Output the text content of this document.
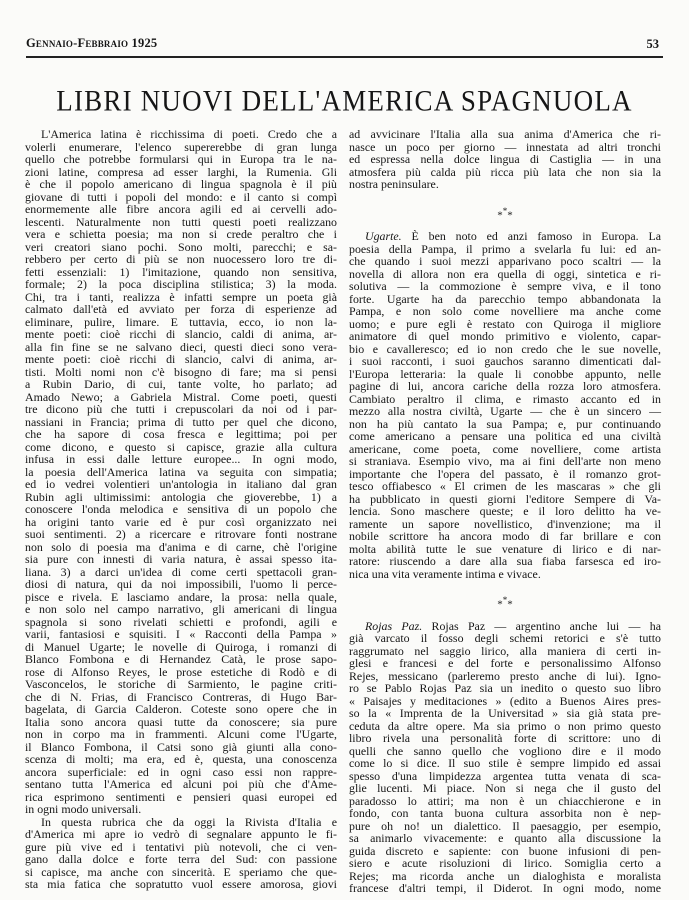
Gennaio-Febbraio 1925	53
LIBRI NUOVI DELL'AMERICA SPAGNUOLA
L'America latina è ricchissima di poeti. Credo che a
volerli enumerare, l'elenco supererebbe di gran lunga
quello che potrebbe formularsi qui in Europa tra le na-
zioni latine, compresa ad esser larghi, la Rumenia. Gli
è che il popolo americano di lingua spagnola è il più
giovane di tutti i popoli del mondo: e il canto si compì
enormemente alle fibre ancora agili ed ai cervelli ado-
lescenti. Naturalmente non tutti questi poeti realizzano
vera e schietta poesia; ma non si crede peraltro che i
veri creatori siano pochi. Sono molti, parecchi; e sa-
rebbero per certo di più se non nuocessero loro tre di-
fetti essenziali: 1) l'imitazione, quando non sensitiva,
formale; 2) la poca disciplina stilistica; 3) la moda.
Chi, tra i tanti, realizza è infatti sempre un poeta già
calmato dall'età ed avviato per forza di esperienze ad
eliminare, pulire, limare. E tuttavia, ecco, io non la-
mente poeti: cioè ricchi di slancio, caldi di anima, ar-
alla fin fine se ne salvano dieci, questi dieci sono vera-
mente poeti: cioè ricchi di slancio, calvi di anima, ar-
tisti. Molti nomi non c'è bisogno di fare; ma si pensi
a Rubin Dario, di cui, tante volte, ho parlato; ad
Amado Newo; a Gabriela Mistral. Come poeti, questi
tre dicono più che tutti i crepuscolari da noi od i par-
nassiani in Francia; prima di tutto per quel che dicono,
che ha sapore di cosa fresca e legittima; poi per
come dicono, e questo si capisce, grazie alla cultura
infusa in essi dalle letture europee... In ogni modo,
la poesia dell'America latina va seguita con simpatia;
ed io vedrei volentieri un'antologia in italiano dal gran
Rubin agli ultimissimi: antologia che gioverebbe, 1) a
conoscere l'onda melodica e sensitiva di un popolo che
ha origini tanto varie ed è pur così organizzato nei
suoi sentimenti. 2) a ricercare e ritrovare fonti nostrane
non solo di poesia ma d'anima e di carne, chè l'origine
sia pure con innesti di varia natura, è assai spesso ita-
liana. 3) a darci un'idea di come certi spettacoli gran-
diosi di natura, qui da noi impossibili, l'uomo li perce-
pisce e rivela. E lasciamo andare, la prosa: nella quale,
e non solo nel campo narrativo, gli americani di lingua
spagnola si sono rivelati schietti e profondi, agili e
varii, fantasiosi e squisiti. I « Racconti della Pampa »
di Manuel Ugarte; le novelle di Quiroga, i romanzi di
Blanco Fombona e di Hernandez Catà, le prose sapo-
rose di Alfonso Reyes, le prose estetiche di Rodò e di
Vasconcelos, le storiche di Sarmiento, le pagine criti-
che di N. Frias, di Francisco Contreras, di Hugo Bar-
bagelata, di Garcia Calderon. Coteste sono opere che in
Italia sono ancora quasi tutte da conoscere; sia pure
non in corpo ma in frammenti. Alcuni come l'Ugarte,
il Blanco Fombona, il Catsi sono già giunti alla cono-
scenza di molti; ma era, ed è, questa, una conoscenza
ancora superficiale: ed in ogni caso essi non rappre-
sentano tutta l'America ed alcuni poi più che d'Ame-
rica esprimono sentimenti e pensieri quasi europei ed
in ogni modo universali.
In questa rubrica che da oggi la Rivista d'Italia e
d'America mi apre io vedrò di segnalare appunto le fi-
gure più vive ed i tentativi più notevoli, che ci ven-
gano dalla dolce e forte terra del Sud: con passione
si capisce, ma anche con sincerità. E speriamo che que-
sta mia fatica che sopratutto vuol essere amorosa, giovi
ad avvicinare l'Italia alla sua anima d'America che ri-
nasce un poco per giorno — innestata ad altri tronchi
ed espressa nella dolce lingua di Castiglia — in una
atmosfera più calda più ricca più lata che non sia la
nostra peninsulare.
***
Ugarte. È ben noto ed anzi famoso in Europa. La
poesia della Pampa, il primo a svelarla fu lui: ed an-
che quando i suoi mezzi apparivano poco scaltri — la
novella di allora non era quella di oggi, sintetica e ri-
solutiva — la commozione è sempre viva, e il tono
forte. Ugarte ha da parecchio tempo abbandonata la
Pampa, e non solo come novelliere ma anche come
uomo; e pure egli è restato con Quiroga il migliore
animatore di quel mondo primitivo e violento, capar-
bio e cavalleresco; ed io non credo che le sue novelle,
i suoi racconti, i suoi gauchos saranno dimenticati dal-
l'Europa letteraria: la quale li conobbe appunto, nelle
pagine di lui, ancora cariche della rozza loro atmosfera.
Cambiato peraltro il clima, e rimasto accanto ed in
mezzo alla nostra civiltà, Ugarte — che è un sincero —
non ha più cantato la sua Pampa; e, pur continuando
come americano a pensare una politica ed una civiltà
americane, come poeta, come novelliere, come artista
si straniava. Esempio vivo, ma ai fini dell'arte non meno
importante che l'opera del passato, è il romanzo grot-
tesco offiabesco « El crimen de les mascaras » che gli
ha pubblicato in questi giorni l'editore Sempere di Va-
lencia. Sono maschere queste; e il loro delitto ha ve-
ramente un sapore novellistico, d'invenzione; ma il
nobile scrittore ha ancora modo di far brillare e con
molta abilità tutte le sue venature di lirico e di nar-
ratore: riuscendo a dare alla sua fiaba farsesca ed iro-
nica una vita veramente intima e vivace.
***
Rojas Paz. Rojas Paz — argentino anche lui — ha
già varcato il fosso degli schemi retorici e s'è tutto
raggrumato nel saggio lirico, alla maniera di certi in-
glesi e francesi e del forte e personalissimo Alfonso
Rejes, messicano (parleremo presto anche di lui). Igno-
ro se Pablo Rojas Paz sia un inedito o questo suo libro
« Paisajes y meditaciones » (edito a Buenos Aires pres-
so la « Imprenta de la Universitad » sia già stata pre-
ceduta da altre opere. Ma sia primo o non primo questo
libro rivela una personalità forte di scrittore: uno di
quelli che sanno quello che vogliono dire e il modo
come lo si dice. Il suo stile è sempre limpido ed assai
spesso d'una limpidezza argentea tutta venata di sca-
glie lucenti. Mi piace. Non si nega che il gusto del
paradosso lo attiri; ma non è un chiacchierone e in
fondo, con tanta buona cultura assorbita non è nep-
pure oh no! un dialettico. Il paesaggio, per esempio,
sa animarlo vivacemente: e quanto alla discussione la
guida discreto e sapiente: con buone infusioni di pen-
siero e acute risoluzioni di lirico. Somiglia certo a
Rejes; ma ricorda anche un dialoghista e moralista
francese d'altri tempi, il Diderot. In ogni modo, nome
